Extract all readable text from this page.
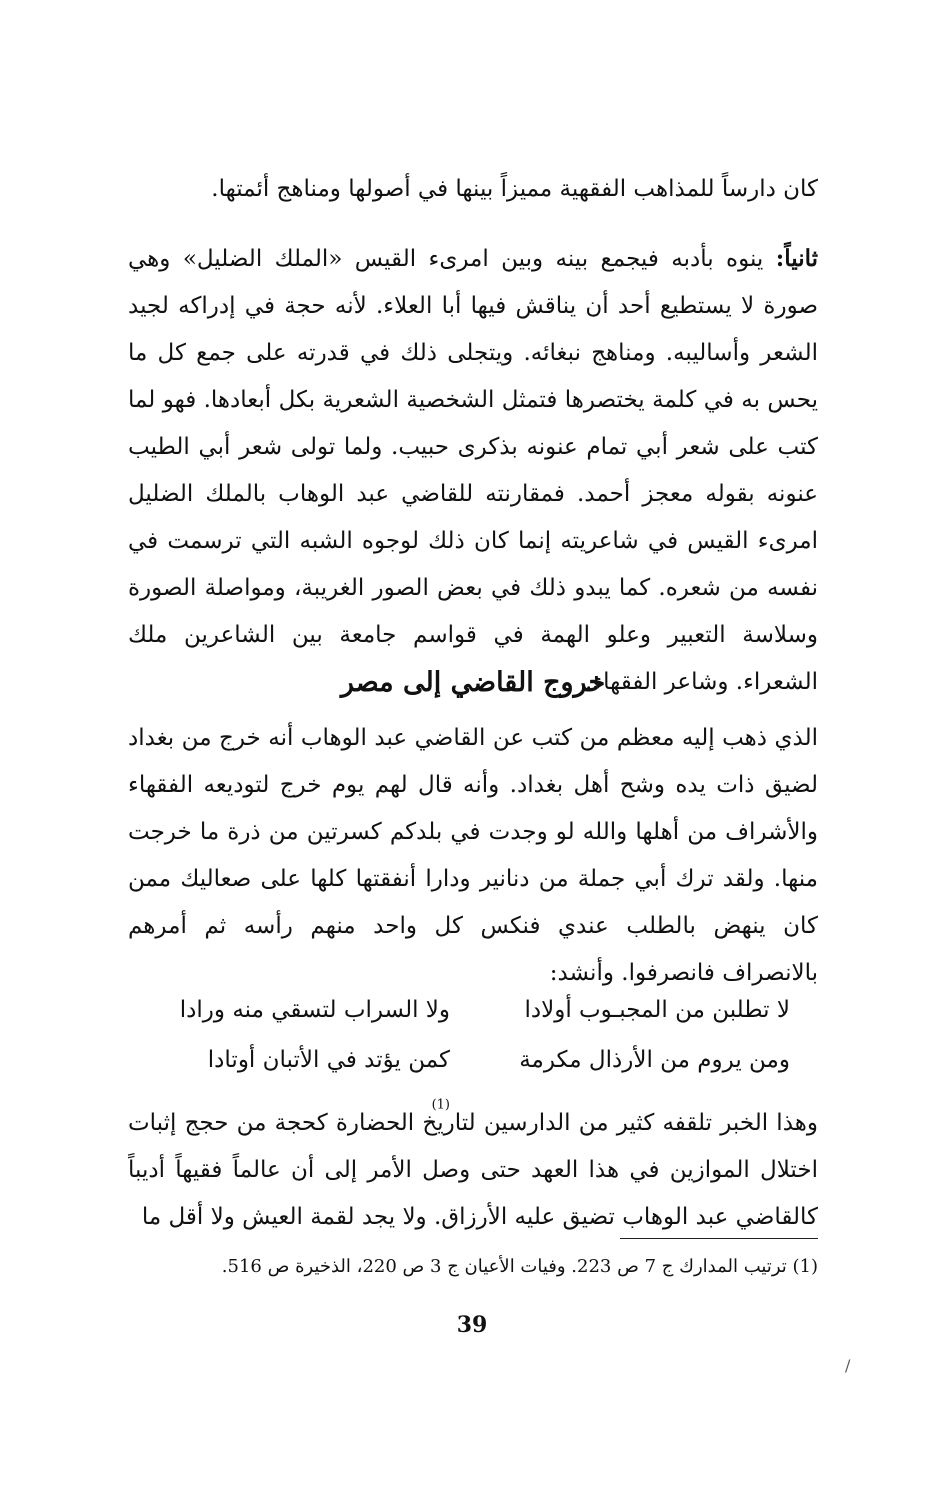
كان دارساً للمذاهب الفقهية مميزاً بينها في أصولها ومناهج أئمتها.
ثانياً: ينوه بأدبه فيجمع بينه وبين امرىء القيس «الملك الضليل» وهي صورة لا يستطيع أحد أن يناقش فيها أبا العلاء. لأنه حجة في إدراكه لجيد الشعر وأساليبه. ومناهج نبغائه. ويتجلى ذلك في قدرته على جمع كل ما يحس به في كلمة يختصرها فتمثل الشخصية الشعرية بكل أبعادها. فهو لما كتب على شعر أبي تمام عنونه بذكرى حبيب. ولما تولى شعر أبي الطيب عنونه بقوله معجز أحمد. فمقارنته للقاضي عبد الوهاب بالملك الضليل امرىء القيس في شاعريته إنما كان ذلك لوجوه الشبه التي ترسمت في نفسه من شعره. كما يبدو ذلك في بعض الصور الغريبة، ومواصلة الصورة وسلاسة التعبير وعلو الهمة في قواسم جامعة بين الشاعرين ملك الشعراء. وشاعر الفقهاء.
خروج القاضي إلى مصر
الذي ذهب إليه معظم من كتب عن القاضي عبد الوهاب أنه خرج من بغداد لضيق ذات يده وشح أهل بغداد. وأنه قال لهم يوم خرج لتوديعه الفقهاء والأشراف من أهلها والله لو وجدت في بلدكم كسرتين من ذرة ما خرجت منها. ولقد ترك أبي جملة من دنانير ودارا أنفقتها كلها على صعاليك ممن كان ينهض بالطلب عندي فنكس كل واحد منهم رأسه ثم أمرهم بالانصراف فانصرفوا. وأنشد:
لا تطلبن من المجبـوب أولادا
ولا السراب لتسقي منه ورادا
ومن يروم من الأرذال مكرمة
كمن يؤتد في الأتبان أوتادا$^{(1)}$
وهذا الخبر تلقفه كثير من الدارسين لتاريخ الحضارة كحجة من حجج إثبات اختلال الموازين في هذا العهد حتى وصل الأمر إلى أن عالماً فقيهاً أديباً كالقاضي عبد الوهاب تضيق عليه الأرزاق. ولا يجد لقمة العيش ولا أقل ما
(1) ترتيب المدارك ج 7 ص 223. وفيات الأعيان ج 3 ص 220، الذخيرة ص 516.
39
/
